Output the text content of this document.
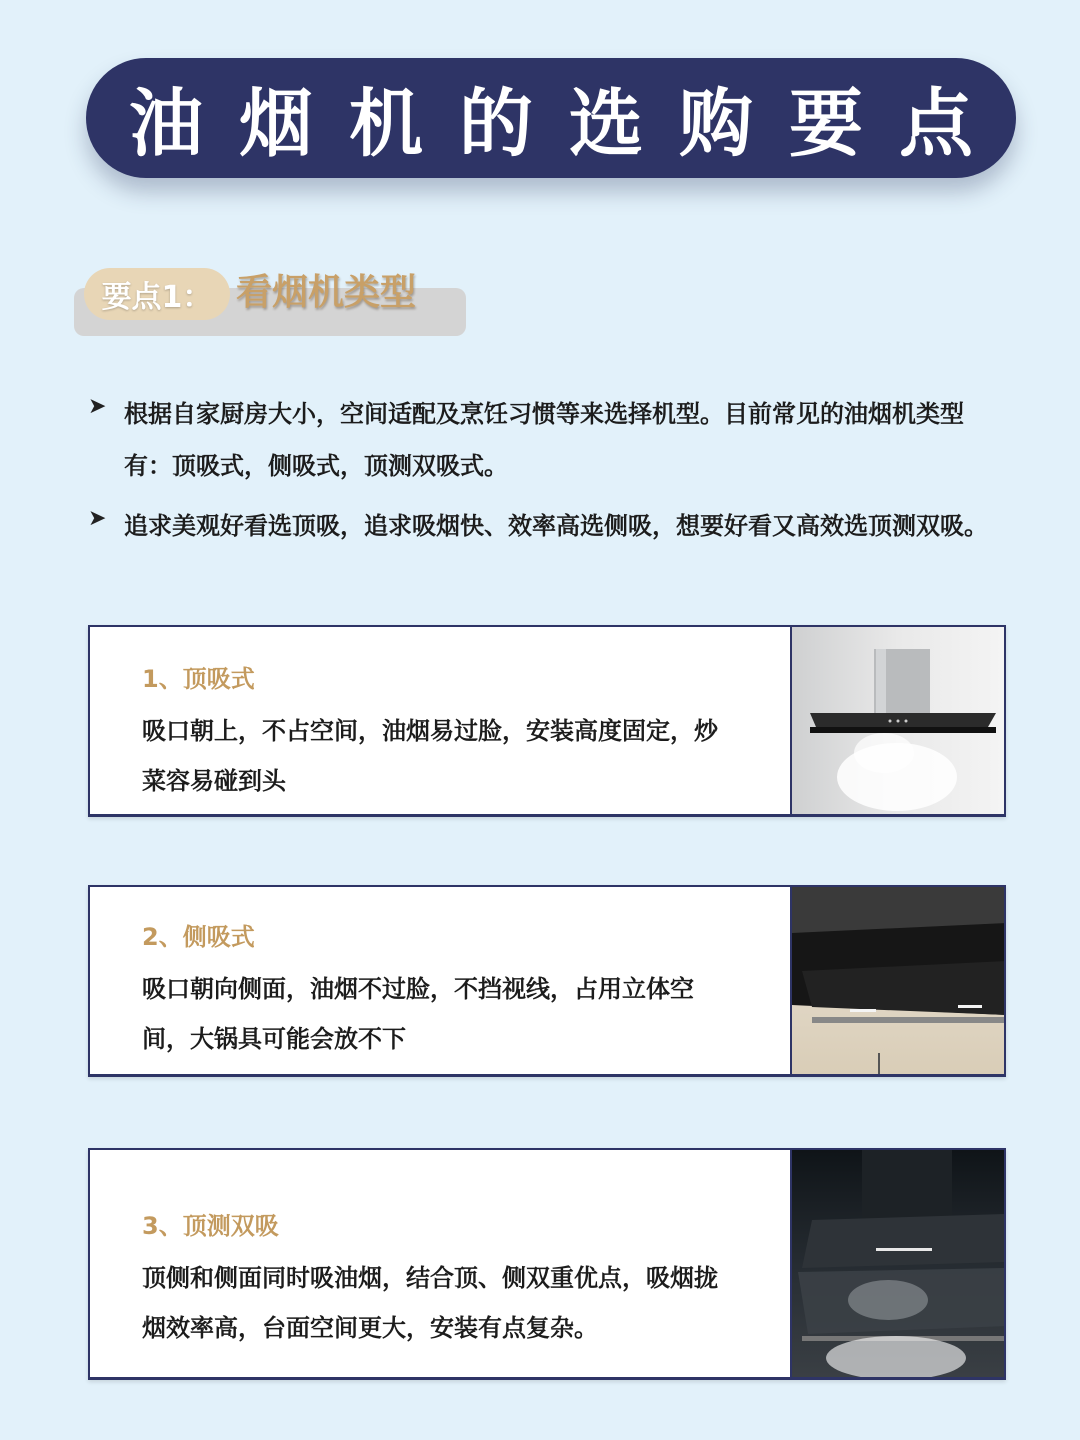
油烟机的选购要点
要点1： 看烟机类型
➤ 根据自家厨房大小，空间适配及烹饪习惯等来选择机型。目前常见的油烟机类型有：顶吸式，侧吸式，顶测双吸式。

➤ 追求美观好看选顶吸，追求吸烟快、效率高选侧吸，想要好看又高效选顶测双吸。

1、顶吸式
吸口朝上，不占空间，油烟易过脸，安装高度固定，炒菜容易碰到头
2、侧吸式
吸口朝向侧面，油烟不过脸，不挡视线，占用立体空间，大锅具可能会放不下
3、顶测双吸
顶侧和侧面同时吸油烟，结合顶、侧双重优点，吸烟拢烟效率高，台面空间更大，安装有点复杂。
